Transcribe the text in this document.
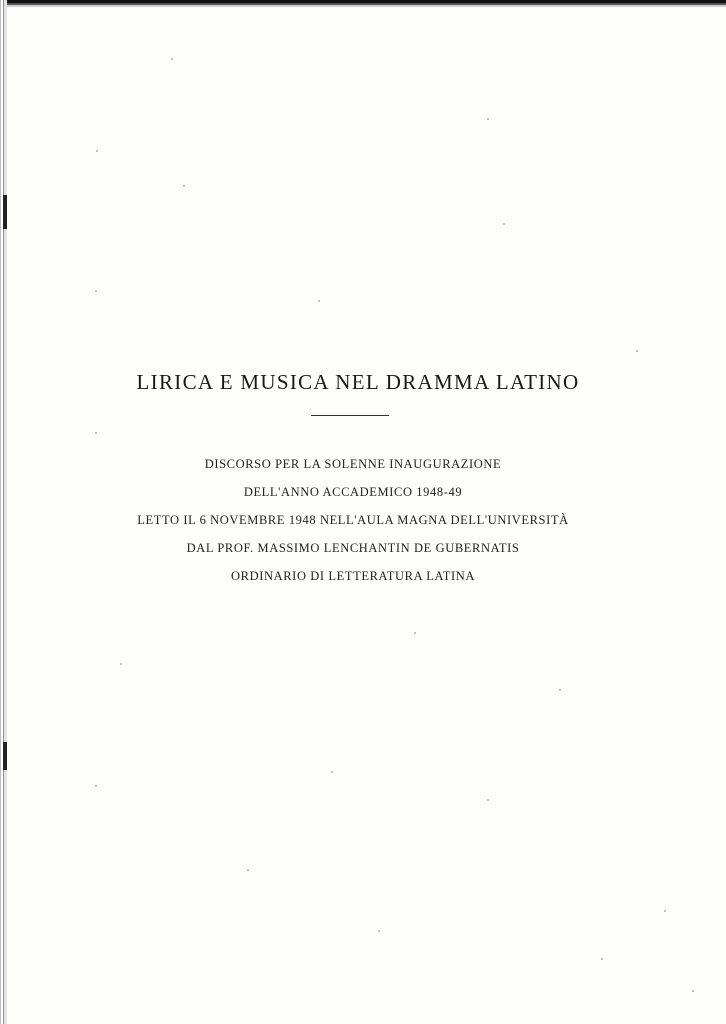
LIRICA E MUSICA NEL DRAMMA LATINO
DISCORSO PER LA SOLENNE INAUGURAZIONE
DELL'ANNO ACCADEMICO 1948-49
LETTO IL 6 NOVEMBRE 1948 NELL'AULA MAGNA DELL'UNIVERSITÀ
DAL PROF. MASSIMO LENCHANTIN DE GUBERNATIS
ORDINARIO DI LETTERATURA LATINA
